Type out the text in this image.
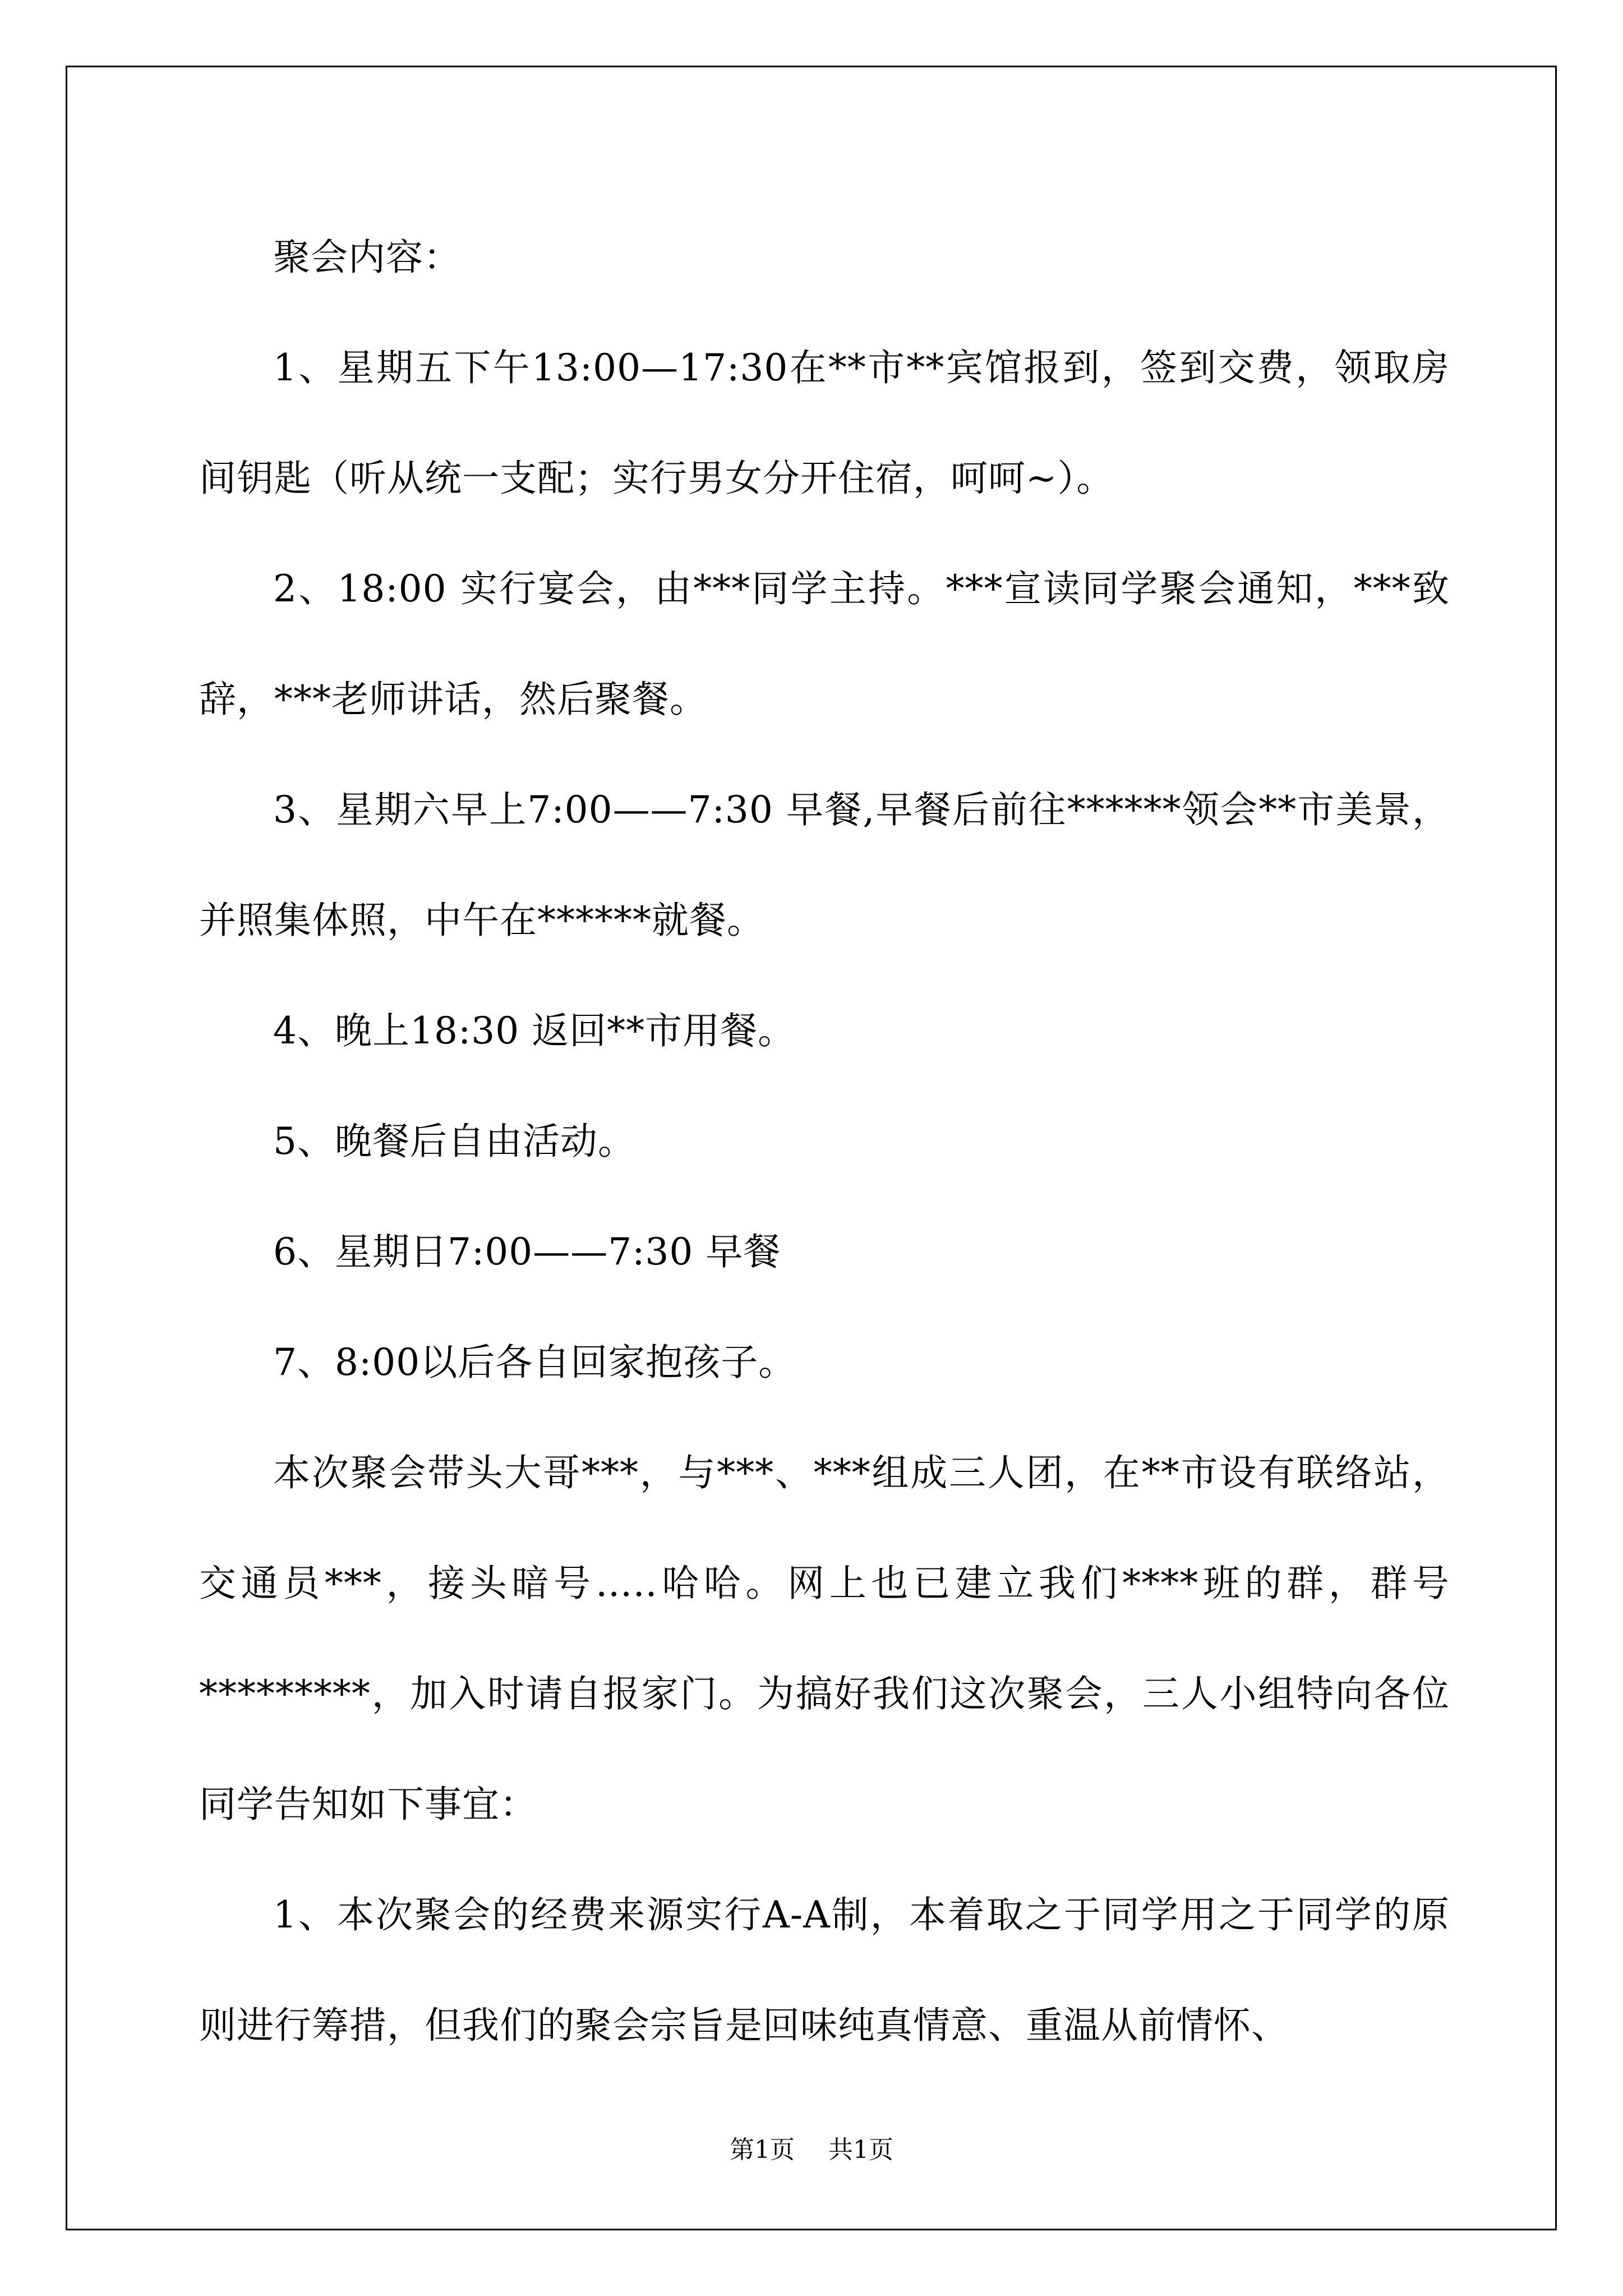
聚会内容：

1、星期五下午13:00—17:30在**市**宾馆报到，签到交费，领取房间钥匙（听从统一支配；实行男女分开住宿，呵呵~）。

2、18:00 实行宴会，由***同学主持。***宣读同学聚会通知，***致辞，***老师讲话，然后聚餐。

3、星期六早上7:00——7:30 早餐,早餐后前往******领会**市美景，并照集体照，中午在******就餐。

4、晚上18:30 返回**市用餐。

5、晚餐后自由活动。

6、星期日7:00——7:30 早餐

7、8:00以后各自回家抱孩子。

本次聚会带头大哥***，与***、***组成三人团，在**市设有联络站，交通员***，接头暗号…..哈哈。网上也已建立我们****班的群，群号*********，加入时请自报家门。为搞好我们这次聚会，三人小组特向各位同学告知如下事宜：

1、本次聚会的经费来源实行A-A制，本着取之于同学用之于同学的原则进行筹措，但我们的聚会宗旨是回味纯真情意、重温从前情怀、

第1页 共1页
